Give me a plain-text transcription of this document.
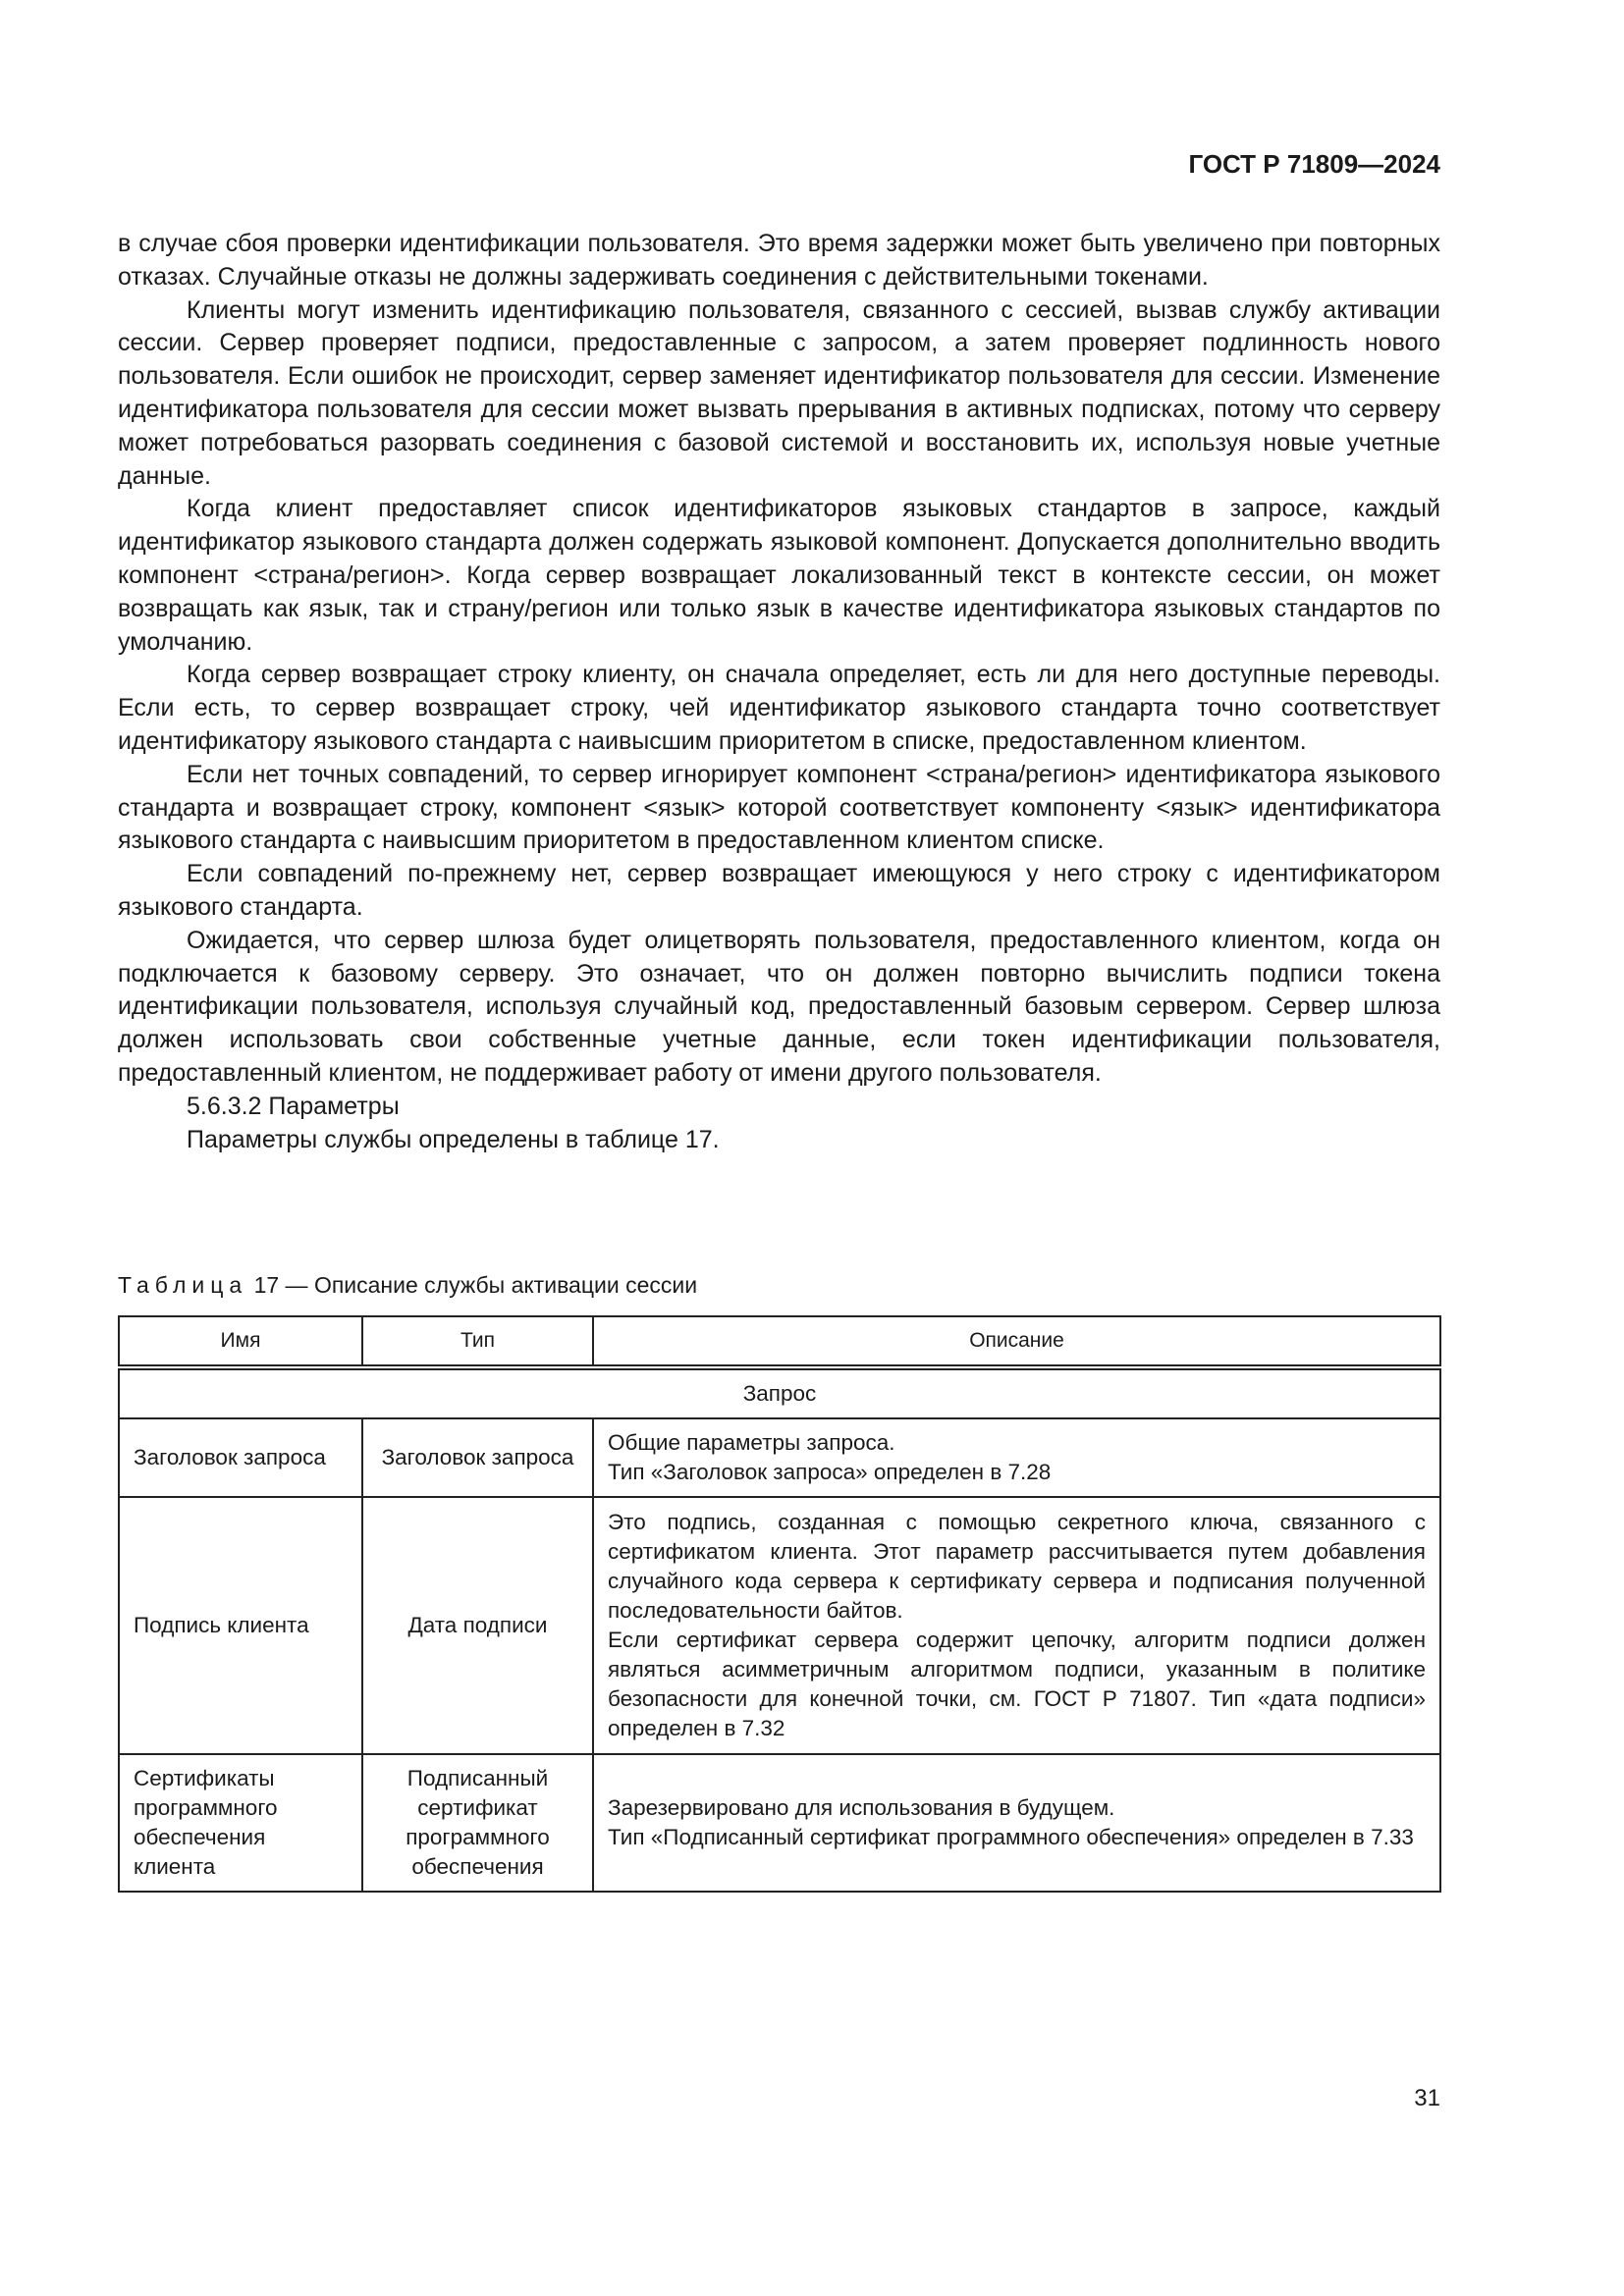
ГОСТ Р 71809—2024

в случае сбоя проверки идентификации пользователя. Это время задержки может быть увеличено при повторных отказах. Случайные отказы не должны задерживать соединения с действительными токенами.

Клиенты могут изменить идентификацию пользователя, связанного с сессией, вызвав службу активации сессии. Сервер проверяет подписи, предоставленные с запросом, а затем проверяет подлинность нового пользователя. Если ошибок не происходит, сервер заменяет идентификатор пользователя для сессии. Изменение идентификатора пользователя для сессии может вызвать прерывания в активных подписках, потому что серверу может потребоваться разорвать соединения с базовой системой и восстановить их, используя новые учетные данные.

Когда клиент предоставляет список идентификаторов языковых стандартов в запросе, каждый идентификатор языкового стандарта должен содержать языковой компонент. Допускается дополнительно вводить компонент <страна/регион>. Когда сервер возвращает локализованный текст в контексте сессии, он может возвращать как язык, так и страну/регион или только язык в качестве идентификатора языковых стандартов по умолчанию.

Когда сервер возвращает строку клиенту, он сначала определяет, есть ли для него доступные переводы. Если есть, то сервер возвращает строку, чей идентификатор языкового стандарта точно соответствует идентификатору языкового стандарта с наивысшим приоритетом в списке, предоставленном клиентом.

Если нет точных совпадений, то сервер игнорирует компонент <страна/регион> идентификатора языкового стандарта и возвращает строку, компонент <язык> которой соответствует компоненту <язык> идентификатора языкового стандарта с наивысшим приоритетом в предоставленном клиентом списке.

Если совпадений по-прежнему нет, сервер возвращает имеющуюся у него строку с идентификатором языкового стандарта.

Ожидается, что сервер шлюза будет олицетворять пользователя, предоставленного клиентом, когда он подключается к базовому серверу. Это означает, что он должен повторно вычислить подписи токена идентификации пользователя, используя случайный код, предоставленный базовым сервером. Сервер шлюза должен использовать свои собственные учетные данные, если токен идентификации пользователя, предоставленный клиентом, не поддерживает работу от имени другого пользователя.

5.6.3.2 Параметры

Параметры службы определены в таблице 17.

Таблица 17 — Описание службы активации сессии
Имя	Тип	Описание
Запрос		
Заголовок запроса	Заголовок запроса	Общие параметры запроса.
Тип «Заголовок запроса» определен в 7.28

Подпись клиента	Дата подписи	Это подпись, созданная с помощью секретного ключа, связанного с сертификатом клиента. Этот параметр рассчитывается путем добавления случайного кода сервера к сертификату сервера и подписания полученной последовательности байтов.
Если сертификат сервера содержит цепочку, алгоритм подписи должен являться асимметричным алгоритмом подписи, указанным в политике безопасности для конечной точки, см. ГОСТ Р 71807. Тип «дата подписи» определен в 7.32

Сертификаты программного обеспечения клиента	Подписанный сертификат программного обеспечения	Зарезервировано для использования в будущем.
Тип «Подписанный сертификат программного обеспечения» определен в 7.33
31
